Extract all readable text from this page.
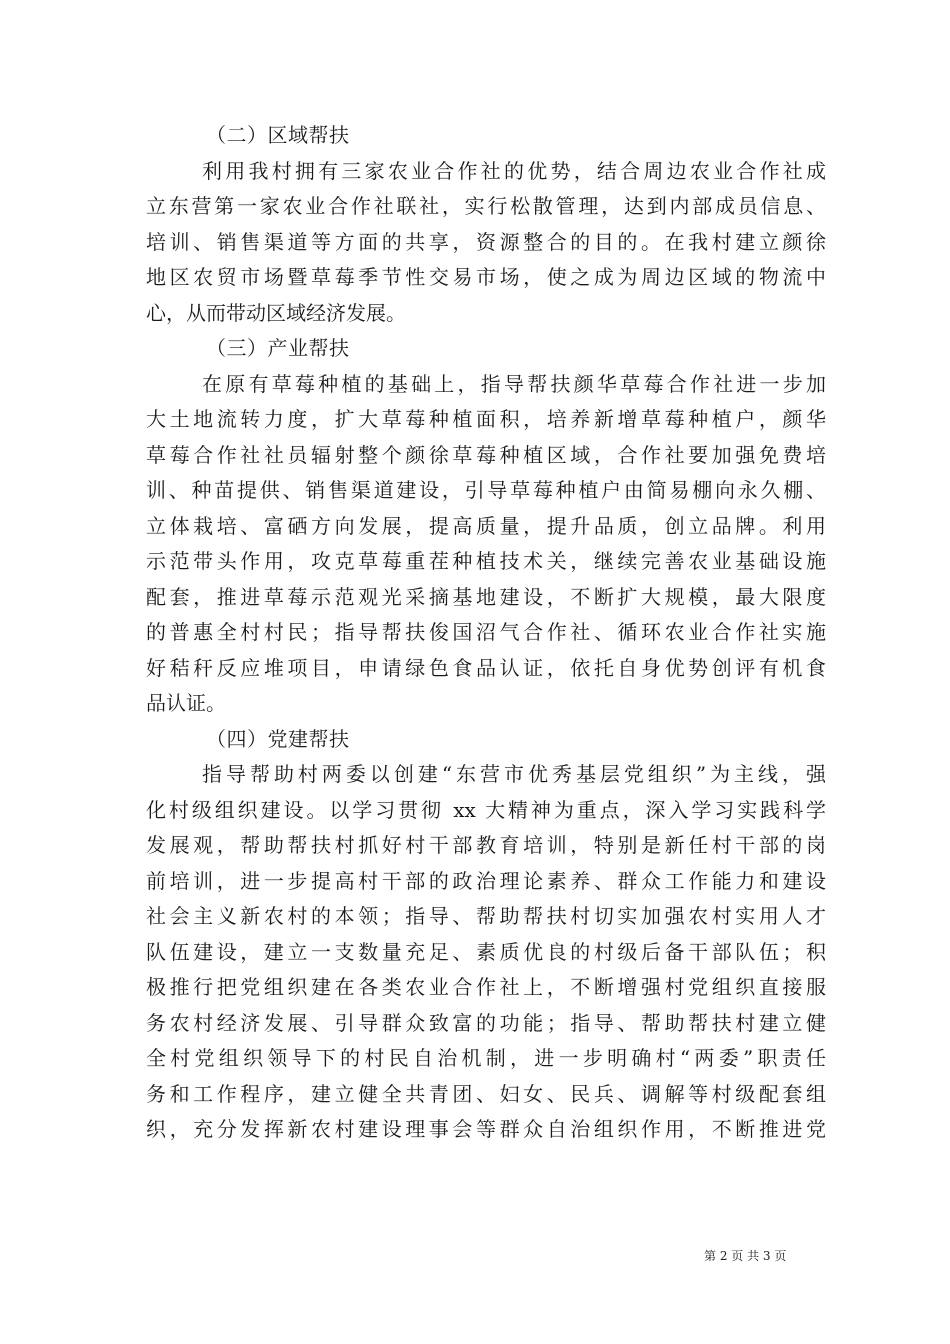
（二）区域帮扶
利用我村拥有三家农业合作社的优势，结合周边农业合作社成
立东营第一家农业合作社联社，实行松散管理，达到内部成员信息、
培训、销售渠道等方面的共享，资源整合的目的。在我村建立颜徐
地区农贸市场暨草莓季节性交易市场，使之成为周边区域的物流中
心，从而带动区域经济发展。
（三）产业帮扶
在原有草莓种植的基础上，指导帮扶颜华草莓合作社进一步加
大土地流转力度，扩大草莓种植面积，培养新增草莓种植户，颜华
草莓合作社社员辐射整个颜徐草莓种植区域，合作社要加强免费培
训、种苗提供、销售渠道建设，引导草莓种植户由简易棚向永久棚、
立体栽培、富硒方向发展，提高质量，提升品质，创立品牌。利用
示范带头作用，攻克草莓重茬种植技术关，继续完善农业基础设施
配套，推进草莓示范观光采摘基地建设，不断扩大规模，最大限度
的普惠全村村民；指导帮扶俊国沼气合作社、循环农业合作社实施
好秸秆反应堆项目，申请绿色食品认证，依托自身优势创评有机食
品认证。
（四）党建帮扶
指导帮助村两委以创建“东营市优秀基层党组织”为主线，强
化村级组织建设。以学习贯彻 xx 大精神为重点，深入学习实践科学
发展观，帮助帮扶村抓好村干部教育培训，特别是新任村干部的岗
前培训，进一步提高村干部的政治理论素养、群众工作能力和建设
社会主义新农村的本领；指导、帮助帮扶村切实加强农村实用人才
队伍建设，建立一支数量充足、素质优良的村级后备干部队伍；积
极推行把党组织建在各类农业合作社上，不断增强村党组织直接服
务农村经济发展、引导群众致富的功能；指导、帮助帮扶村建立健
全村党组织领导下的村民自治机制，进一步明确村“两委”职责任
务和工作程序，建立健全共青团、妇女、民兵、调解等村级配套组
织，充分发挥新农村建设理事会等群众自治组织作用，不断推进党
第 2 页 共 3 页
